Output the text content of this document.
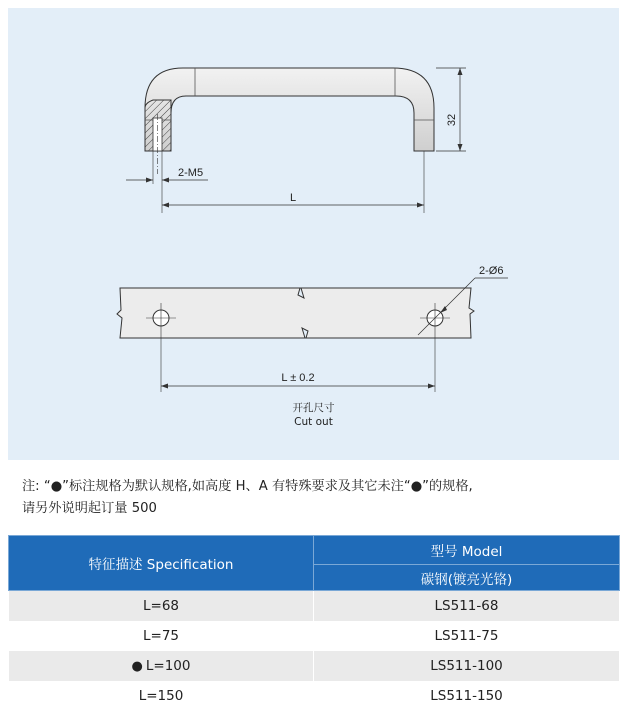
32
2-M5
L
2-Ø6
L ± 0.2
开孔尺寸
Cut out
注: “●”标注规格为默认规格,如高度 H、A 有特殊要求及其它未注“●”的规格,
请另外说明起订量 500
特征描述 Specification	型号 Model
	碳钢(镀亮光铬)
L=68	LS511-68
L=75	LS511-75
● L=100	LS511-100
L=150	LS511-150
